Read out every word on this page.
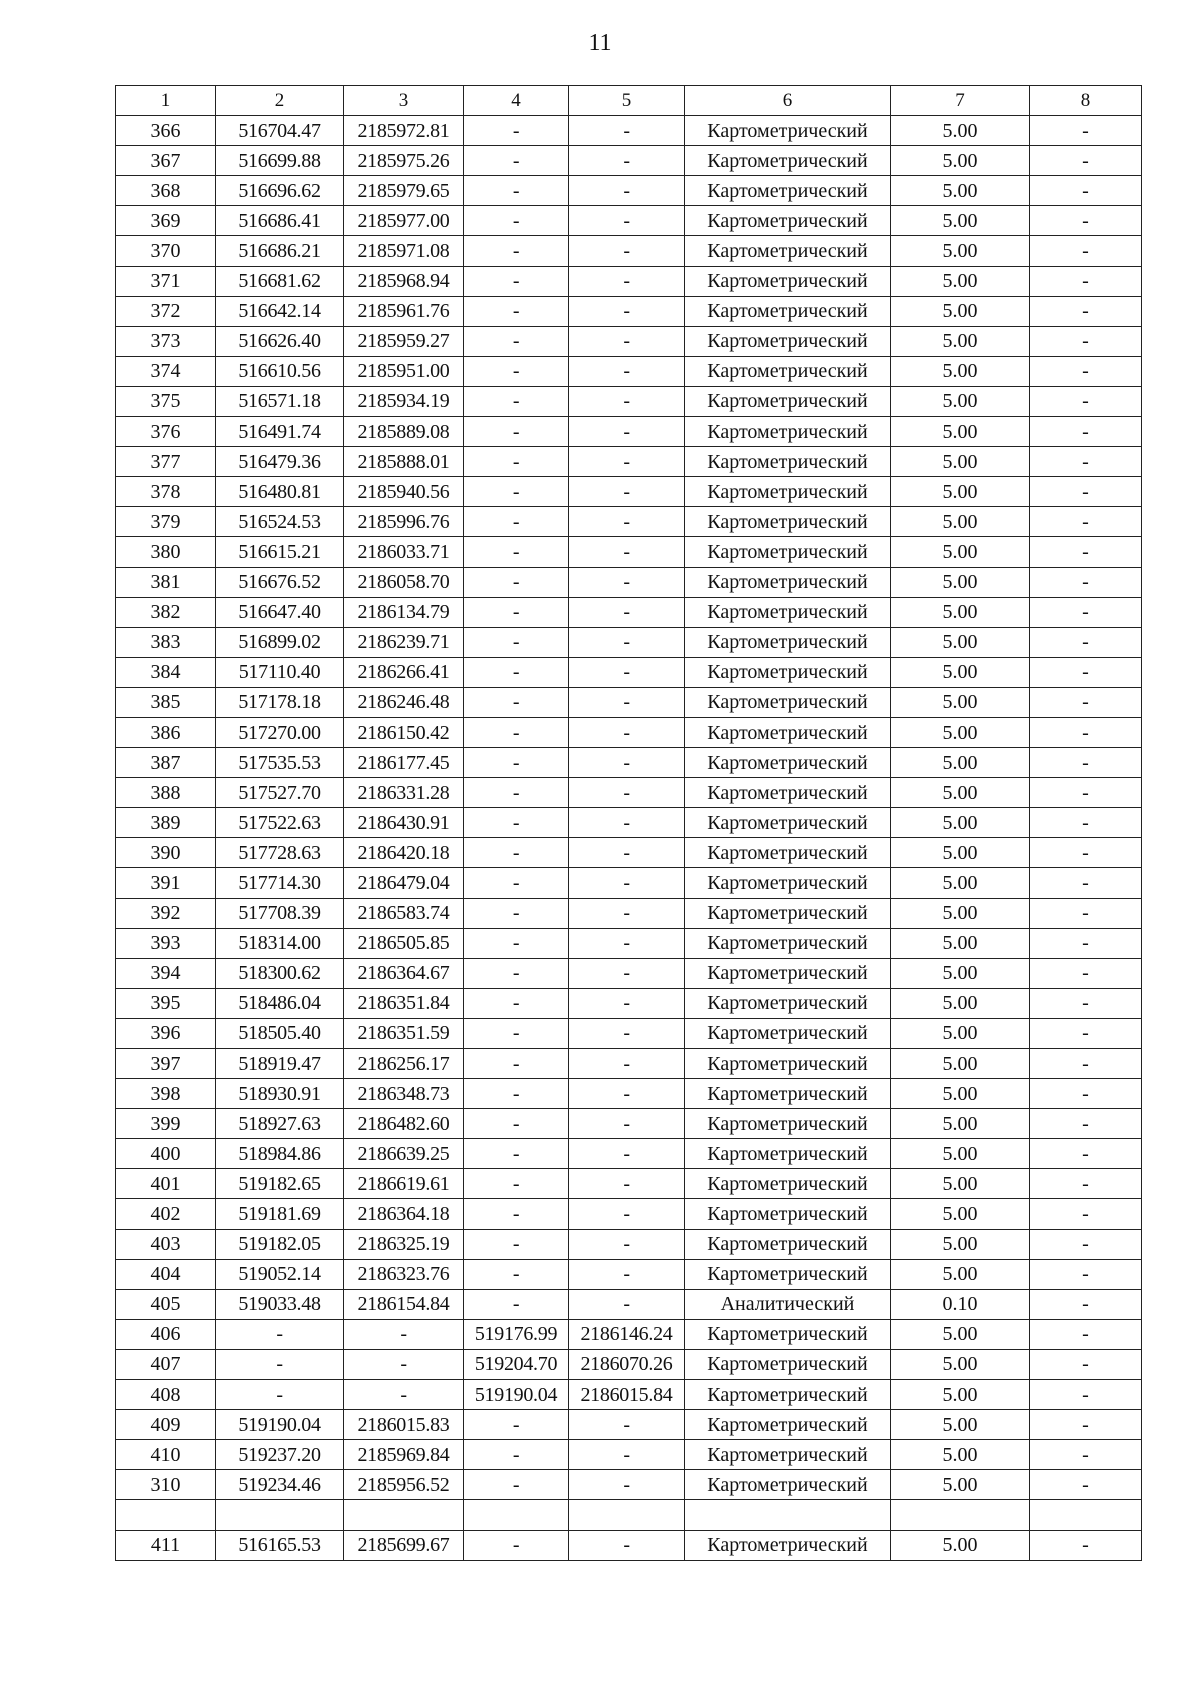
11
1	2	3	4	5	6	7	8
366	516704.47	2185972.81	-	-	Картометрический	5.00	-
367	516699.88	2185975.26	-	-	Картометрический	5.00	-
368	516696.62	2185979.65	-	-	Картометрический	5.00	-
369	516686.41	2185977.00	-	-	Картометрический	5.00	-
370	516686.21	2185971.08	-	-	Картометрический	5.00	-
371	516681.62	2185968.94	-	-	Картометрический	5.00	-
372	516642.14	2185961.76	-	-	Картометрический	5.00	-
373	516626.40	2185959.27	-	-	Картометрический	5.00	-
374	516610.56	2185951.00	-	-	Картометрический	5.00	-
375	516571.18	2185934.19	-	-	Картометрический	5.00	-
376	516491.74	2185889.08	-	-	Картометрический	5.00	-
377	516479.36	2185888.01	-	-	Картометрический	5.00	-
378	516480.81	2185940.56	-	-	Картометрический	5.00	-
379	516524.53	2185996.76	-	-	Картометрический	5.00	-
380	516615.21	2186033.71	-	-	Картометрический	5.00	-
381	516676.52	2186058.70	-	-	Картометрический	5.00	-
382	516647.40	2186134.79	-	-	Картометрический	5.00	-
383	516899.02	2186239.71	-	-	Картометрический	5.00	-
384	517110.40	2186266.41	-	-	Картометрический	5.00	-
385	517178.18	2186246.48	-	-	Картометрический	5.00	-
386	517270.00	2186150.42	-	-	Картометрический	5.00	-
387	517535.53	2186177.45	-	-	Картометрический	5.00	-
388	517527.70	2186331.28	-	-	Картометрический	5.00	-
389	517522.63	2186430.91	-	-	Картометрический	5.00	-
390	517728.63	2186420.18	-	-	Картометрический	5.00	-
391	517714.30	2186479.04	-	-	Картометрический	5.00	-
392	517708.39	2186583.74	-	-	Картометрический	5.00	-
393	518314.00	2186505.85	-	-	Картометрический	5.00	-
394	518300.62	2186364.67	-	-	Картометрический	5.00	-
395	518486.04	2186351.84	-	-	Картометрический	5.00	-
396	518505.40	2186351.59	-	-	Картометрический	5.00	-
397	518919.47	2186256.17	-	-	Картометрический	5.00	-
398	518930.91	2186348.73	-	-	Картометрический	5.00	-
399	518927.63	2186482.60	-	-	Картометрический	5.00	-
400	518984.86	2186639.25	-	-	Картометрический	5.00	-
401	519182.65	2186619.61	-	-	Картометрический	5.00	-
402	519181.69	2186364.18	-	-	Картометрический	5.00	-
403	519182.05	2186325.19	-	-	Картометрический	5.00	-
404	519052.14	2186323.76	-	-	Картометрический	5.00	-
405	519033.48	2186154.84	-	-	Аналитический	0.10	-
406	-	-	519176.99	2186146.24	Картометрический	5.00	-
407	-	-	519204.70	2186070.26	Картометрический	5.00	-
408	-	-	519190.04	2186015.84	Картометрический	5.00	-
409	519190.04	2186015.83	-	-	Картометрический	5.00	-
410	519237.20	2185969.84	-	-	Картометрический	5.00	-
310	519234.46	2185956.52	-	-	Картометрический	5.00	-

411	516165.53	2185699.67	-	-	Картометрический	5.00	-
